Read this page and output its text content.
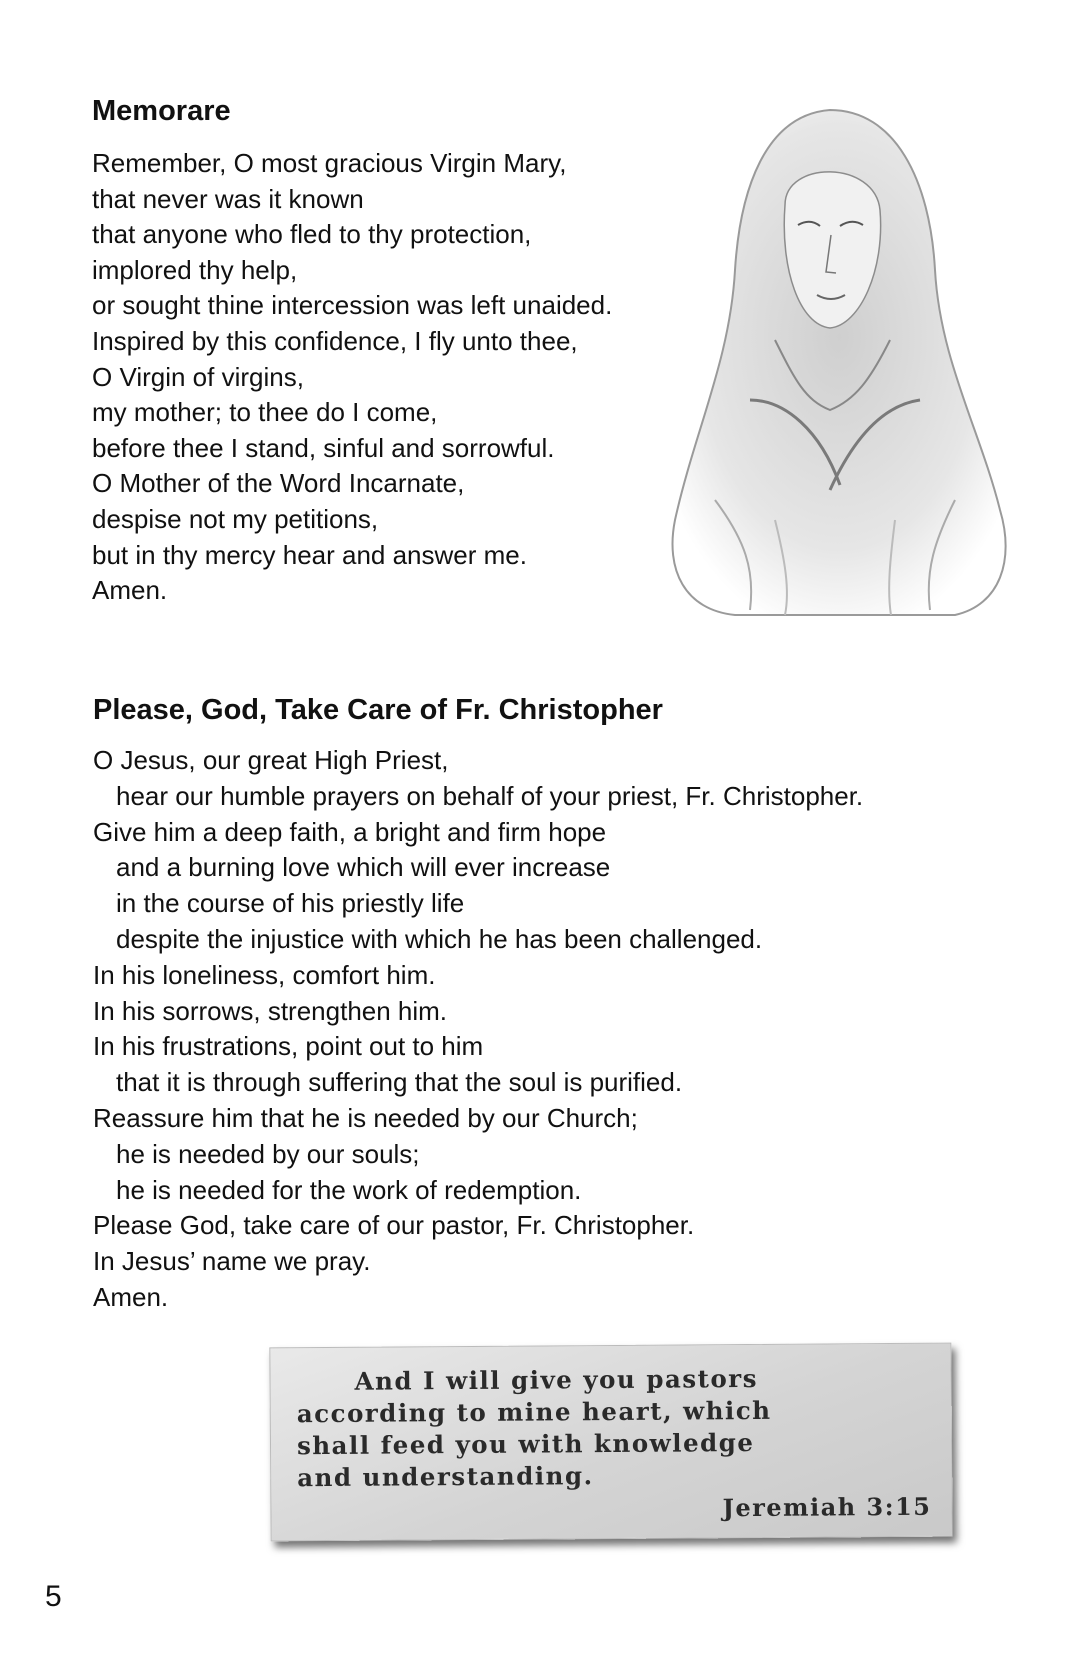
Memorare
Remember, O most gracious Virgin Mary,
that never was it known
that anyone who fled to thy protection,
implored thy help,
or sought thine intercession was left unaided.
Inspired by this confidence, I fly unto thee,
O Virgin of virgins,
my mother; to thee do I come,
before thee I stand, sinful and sorrowful.
O Mother of the Word Incarnate,
despise not my petitions,
but in thy mercy hear and answer me.
Amen.
Please, God, Take Care of Fr. Christopher
O Jesus, our great High Priest,
hear our humble prayers on behalf of your priest, Fr. Christopher.
Give him a deep faith, a bright and firm hope
and a burning love which will ever increase
in the course of his priestly life
despite the injustice with which he has been challenged.
In his loneliness, comfort him.
In his sorrows, strengthen him.
In his frustrations, point out to him
that it is through suffering that the soul is purified.
Reassure him that he is needed by our Church;
he is needed by our souls;
he is needed for the work of redemption.
Please God, take care of our pastor, Fr. Christopher.
In Jesus’ name we pray.
Amen.
And I will give you pastors
according to mine heart, which
shall feed you with knowledge
and understanding.
Jeremiah 3:15
5
